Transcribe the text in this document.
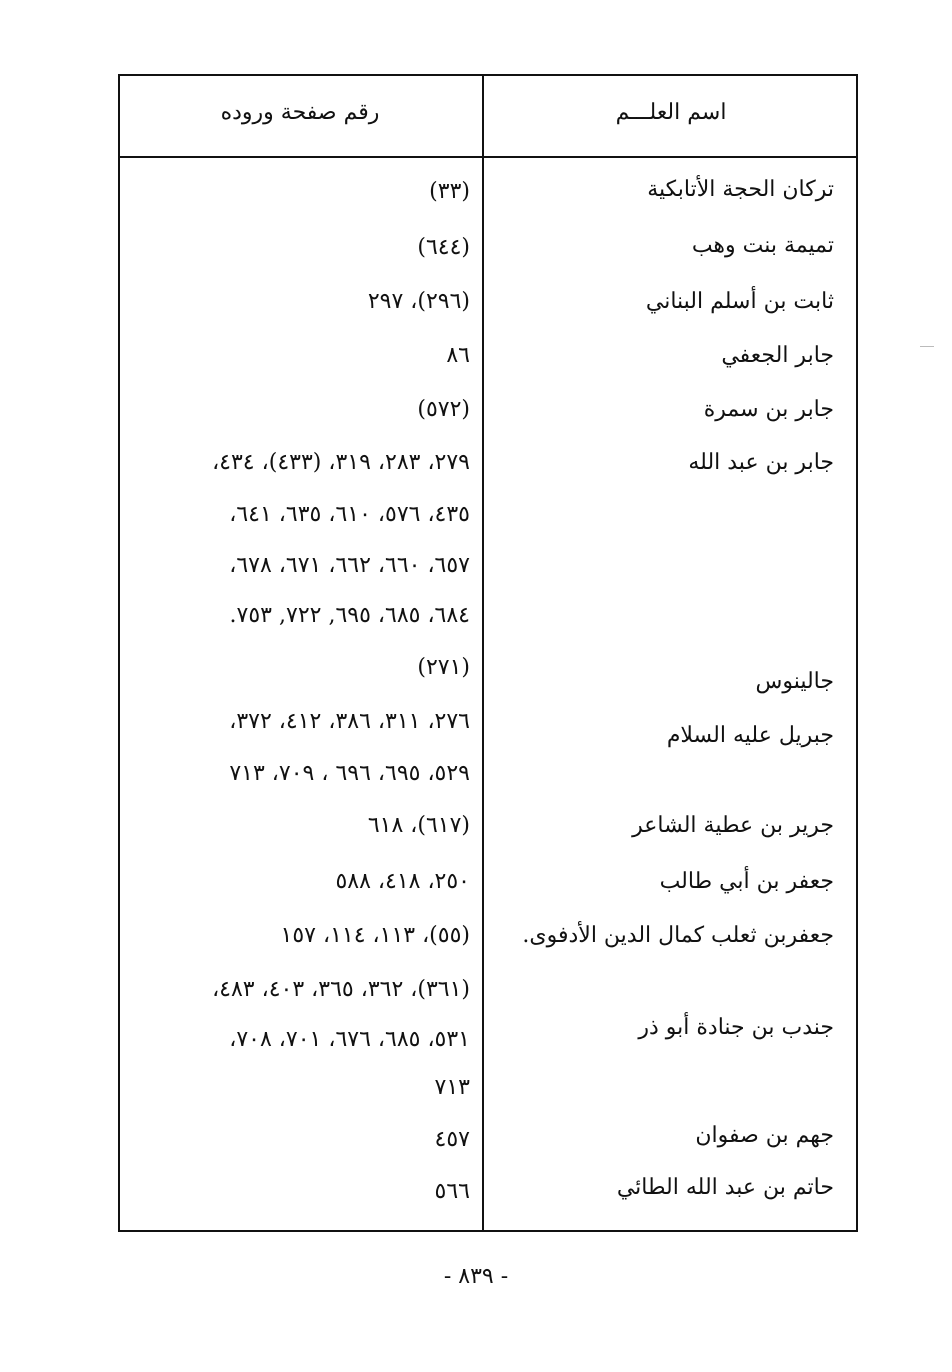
اسم العلـــم
رقم صفحة وروده
تركان الحجة الأتابكية
تميمة بنت وهب
ثابت بن أسلم البناني
جابر الجعفي
جابر بن سمرة
جابر بن عبد الله
جالينوس
جبريل عليه السلام
جرير بن عطية الشاعر
جعفر بن أبي طالب
جعفربن ثعلب كمال الدين الأدفوى.
جندب بن جنادة أبو ذر
جهم بن صفوان
حاتم بن عبد الله الطائي
(٣٣)
(٦٤٤)
(٢٩٦)، ٢٩٧
٨٦
(٥٧٢)
٢٧٩، ٢٨٣، ٣١٩، (٤٣٣)، ٤٣٤،
٤٣٥، ٥٧٦، ٦١٠، ٦٣٥، ٦٤١،
٦٥٧، ٦٦٠، ٦٦٢، ٦٧١، ٦٧٨،
٦٨٤، ٦٨٥، ٦٩٥, ٧٢٢, ٧٥٣.
(٢٧١)
٢٧٦، ٣١١، ٣٨٦، ٤١٢، ٣٧٢،
٥٢٩، ٦٩٥، ٦٩٦ ، ٧٠٩، ٧١٣
(٦١٧)، ٦١٨
٢٥٠، ٤١٨، ٥٨٨
(٥٥)، ١١٣، ١١٤، ١٥٧
(٣٦١)، ٣٦٢، ٣٦٥، ٤٠٣، ٤٨٣،
٥٣١، ٦٨٥، ٦٧٦، ٧٠١، ٧٠٨،
٧١٣
٤٥٧
٥٦٦
- ٨٣٩ -
